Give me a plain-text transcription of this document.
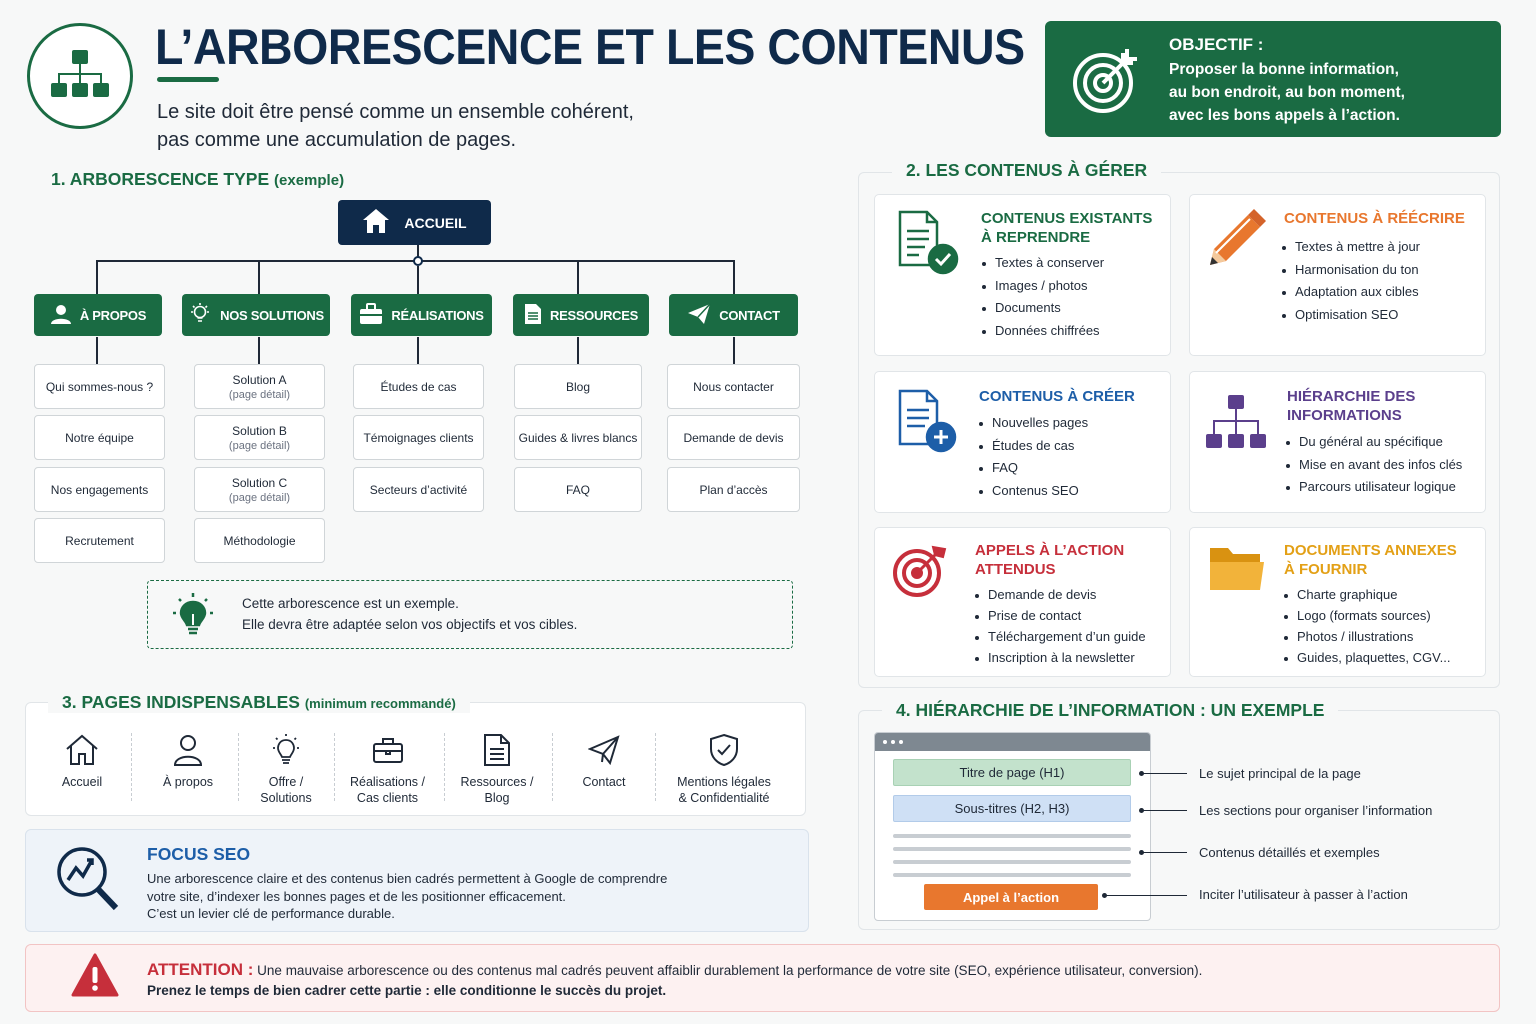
L’ARBORESCENCE ET LES CONTENUS
Le site doit être pensé comme un ensemble cohérent,
pas comme une accumulation de pages.
OBJECTIF :
Proposer la bonne information,
au bon endroit, au bon moment,
avec les bons appels à l’action.
1. ARBORESCENCE TYPE (exemple)
ACCUEIL
À PROPOS	NOS SOLUTIONS	RÉALISATIONS	RESSOURCES	CONTACT
Qui sommes-nous ?
Notre équipe
Nos engagements
Recrutement
Solution A
(page détail)
Solution B
(page détail)
Solution C
(page détail)
Méthodologie
Études de cas
Témoignages clients
Secteurs d’activité
Blog
Guides & livres blancs
FAQ
Nous contacter
Demande de devis
Plan d’accès
Cette arborescence est un exemple.
Elle devra être adaptée selon vos objectifs et vos cibles.
2. LES CONTENUS À GÉRER
CONTENUS EXISTANTS
À REPRENDRE
Textes à conserver
Images / photos
Documents
Données chiffrées
CONTENUS À RÉÉCRIRE
Textes à mettre à jour
Harmonisation du ton
Adaptation aux cibles
Optimisation SEO
CONTENUS À CRÉER
Nouvelles pages
Études de cas
FAQ
Contenus SEO
HIÉRARCHIE DES
INFORMATIONS
Du général au spécifique
Mise en avant des infos clés
Parcours utilisateur logique
APPELS À L’ACTION
ATTENDUS
Demande de devis
Prise de contact
Téléchargement d’un guide
Inscription à la newsletter
DOCUMENTS ANNEXES
À FOURNIR
Charte graphique
Logo (formats sources)
Photos / illustrations
Guides, plaquettes, CGV...
3. PAGES INDISPENSABLES (minimum recommandé)
Accueil	À propos	Offre /
Solutions
Réalisations /
Cas clients
Ressources /
Blog
Contact	Mentions légales
& Confidentialité
FOCUS SEO
Une arborescence claire et des contenus bien cadrés permettent à Google de comprendre
votre site, d’indexer les bonnes pages et de les positionner efficacement.
C’est un levier clé de performance durable.
4. HIÉRARCHIE DE L’INFORMATION : UN EXEMPLE
Titre de page (H1)
Sous-titres (H2, H3)
Appel à l’action
Le sujet principal de la page
Les sections pour organiser l’information
Contenus détaillés et exemples
Inciter l’utilisateur à passer à l’action
ATTENTION : Une mauvaise arborescence ou des contenus mal cadrés peuvent affaiblir durablement la performance de votre site (SEO, expérience utilisateur, conversion).
Prenez le temps de bien cadrer cette partie : elle conditionne le succès du projet.
